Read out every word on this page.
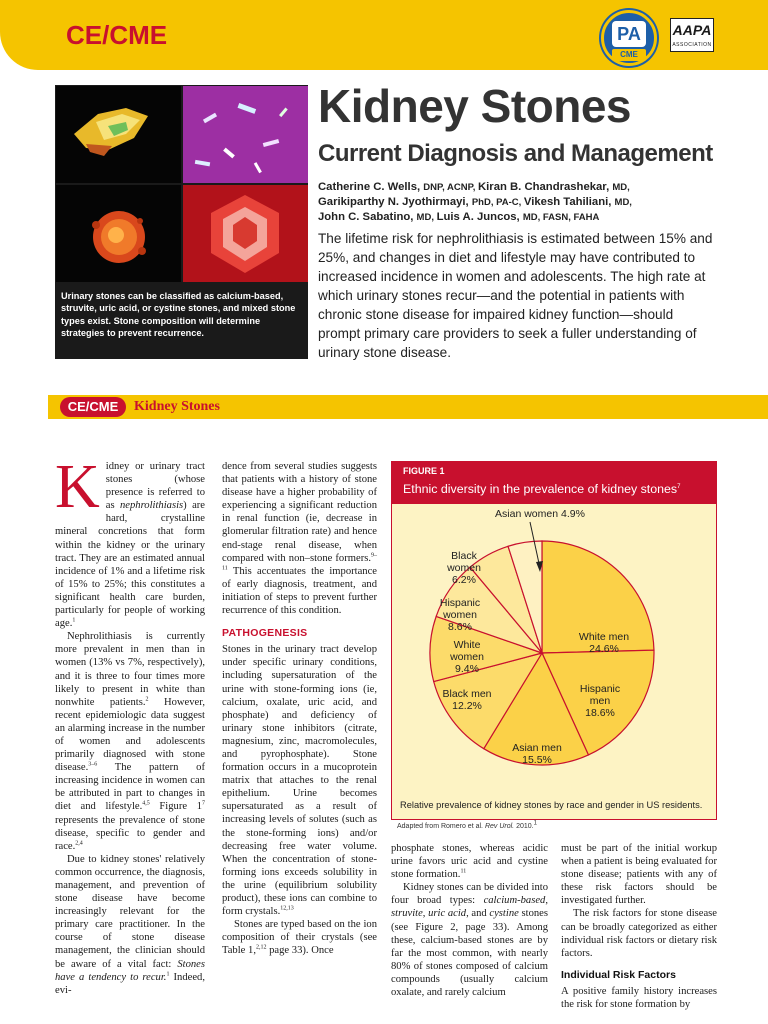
CE/CME	PA
CME
AAPA
ASSOCIATION
Urinary stones can be classified as calcium-based, struvite, uric acid, or cystine stones, and mixed stone types exist. Stone composition will determine strategies to prevent recurrence.
Kidney Stones
Current Diagnosis and Management
Catherine C. Wells, DNP, ACNP, Kiran B. Chandrashekar, MD,
Garikiparthy N. Jyothirmayi, PhD, PA-C, Vikesh Tahiliani, MD,
John C. Sabatino, MD, Luis A. Juncos, MD, FASN, FAHA

The lifetime risk for nephrolithiasis is estimated between 15% and 25%, and changes in diet and lifestyle may have contributed to increased incidence in women and adolescents. The high rate at which urinary stones recur—and the potential in patients with chronic stone disease for impaired kidney function—should prompt primary care providers to seek a fuller understanding of urinary stone disease.

CE/CME	Kidney Stones

Kidney or urinary tract stones (whose presence is referred to as nephrolithiasis) are hard, crystalline mineral concretions that form within the kidney or the urinary tract. They are an estimated annual incidence of 1% and a lifetime risk of 15% to 25%; this constitutes a significant health care burden, particularly for people of working age.$^1$

Nephrolithiasis is currently more prevalent in men than in women (13% vs 7%, respectively), and it is three to four times more likely to present in white than nonwhite patients.$^2$ However, recent epidemiologic data suggest an alarming increase in the number of women and adolescents primarily diagnosed with stone disease.$^{3-6}$ The pattern of increasing incidence in women can be attributed in part to changes in diet and lifestyle.$^{4,5}$ Figure $1^7$ represents the prevalence of stone disease, specific to gender and race.$^{2,4}$

Due to kidney stones' relatively common occurrence, the diagnosis, management, and prevention of stone disease have become increasingly relevant for the primary care practitioner. In the course of stone disease management, the clinician should be aware of a vital fact: Stones have a tendency to recur.$^1$ Indeed, evi-

dence from several studies suggests that patients with a history of stone disease have a higher probability of experiencing a significant reduction in renal function (ie, decrease in glomerular filtration rate) and hence end-stage renal disease, when compared with non–stone formers.$^{9-11}$ This accentuates the importance of early diagnosis, treatment, and initiation of steps to prevent further recurrence of this condition.

PATHOGENESIS

Stones in the urinary tract develop under specific urinary conditions, including supersaturation of the urine with stone-forming ions (ie, calcium, oxalate, uric acid, and phosphate) and deficiency of urinary stone inhibitors (citrate, magnesium, zinc, macromolecules, and pyrophosphate). Stone formation occurs in a mucoprotein matrix that attaches to the renal epithelium. Urine becomes supersaturated as a result of increasing levels of solutes (such as the stone-forming ions) and/or decreasing free water volume. When the concentration of stone-forming ions exceeds solubility in the urine (equilibrium solubility product), these ions can combine to form crystals.$^{12,13}$

Stones are typed based on the ion composition of their crystals (see Table 1,$^{2,12}$ page 33). Once

FIGURE 1
Ethnic diversity in the prevalence of kidney stones$^7$
White men 24.6%
Hispanic men 18.6%
Asian men 15.5%
Black men 12.2%
White women 9.4%
Hispanic women 8.6%
Black women 6.2%
Asian women 4.9%
Relative prevalence of kidney stones by race and gender in US residents.
Adapted from Romero et al. Rev Urol. 2010.$^1$

phosphate stones, whereas acidic urine favors uric acid and cystine stone formation.$^{11}$

Kidney stones can be divided into four broad types: calcium-based, struvite, uric acid, and cystine stones (see Figure 2, page 33). Among these, calcium-based stones are by far the most common, with nearly 80% of stones composed of calcium compounds (usually calcium oxalate, and rarely calcium

must be part of the initial workup when a patient is being evaluated for stone disease; patients with any of these risk factors should be investigated further.

The risk factors for stone disease can be broadly categorized as either individual risk factors or dietary risk factors.

Individual Risk Factors

A positive family history increases the risk for stone formation by
